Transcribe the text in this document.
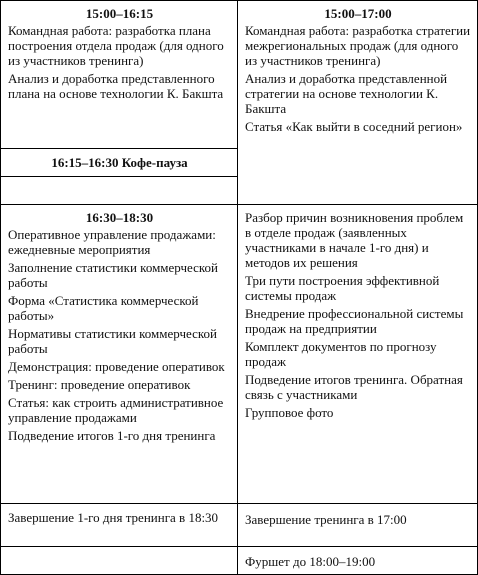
15:00–16:15
Командная работа: разработка плана построения отдела продаж (для одного из участников тренинга)
Анализ и доработка представленного плана на основе технологии К. Бакшта
16:15–16:30 Кофе-пауза
16:30–18:30
Оперативное управление продажами: ежедневные мероприятия
Заполнение статистики коммерческой работы
Форма «Статистика коммерческой работы»
Нормативы статистики коммерческой работы
Демонстрация: проведение оперативок
Тренинг: проведение оперативок
Статья: как строить административное управление продажами
Подведение итогов 1-го дня тренинга
Завершение 1-го дня тренинга в 18:30
15:00–17:00
Командная работа: разработка стратегии межрегиональных продаж (для одного из участников тренинга)
Анализ и доработка представленной стратегии на основе технологии К. Бакшта
Статья «Как выйти в соседний регион»
Разбор причин возникновения проблем в отделе продаж (заявленных участниками в начале 1-го дня) и методов их решения
Три пути построения эффективной системы продаж
Внедрение профессиональной системы продаж на предприятии
Комплект документов по прогнозу продаж
Подведение итогов тренинга. Обратная связь с участниками
Групповое фото
Завершение тренинга в 17:00
Фуршет до 18:00–19:00
